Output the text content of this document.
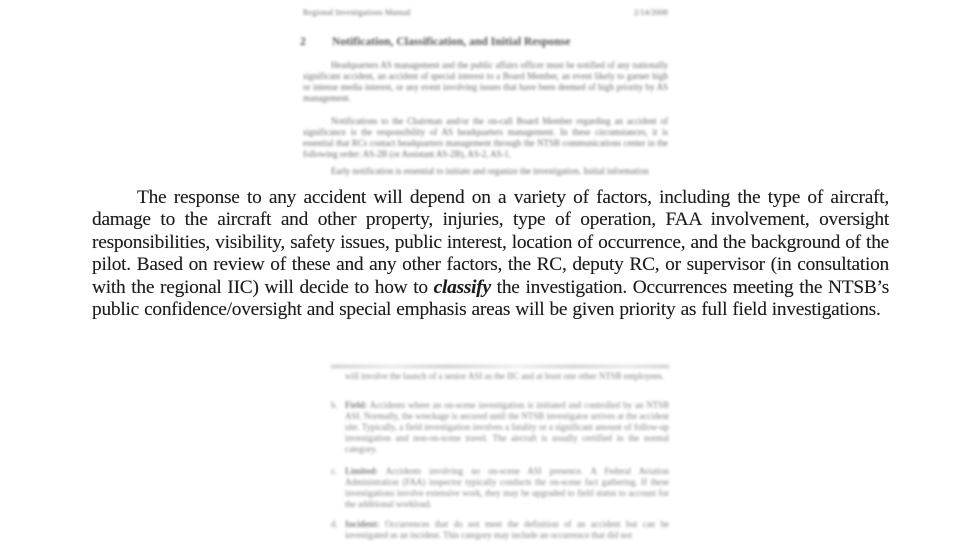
Regional Investigations Manual	2/14/2008
2 Notification, Classification, and Initial Response

Headquarters AS management and the public affairs officer must be notified of any nationally significant accident, an accident of special interest to a Board Member, an event likely to garner high or intense media interest, or any event involving issues that have been deemed of high priority by AS management.

Notifications to the Chairman and/or the on-call Board Member regarding an accident of significance is the responsibility of AS headquarters management. In these circumstances, it is essential that RCs contact headquarters management through the NTSB communications center in the following order: AS-2B (or Assistant AS-2B), AS-2, AS-1.

Early notification is essential to initiate and organize the investigation. Initial information

The response to any accident will depend on a variety of factors, including the type of aircraft, damage to the aircraft and other property, injuries, type of operation, FAA involvement, oversight responsibilities, visibility, safety issues, public interest, location of occurrence, and the background of the pilot. Based on review of these and any other factors, the RC, deputy RC, or supervisor (in consultation with the regional IIC) will decide to how to classify the investigation. Occurrences meeting the NTSB’s public confidence/oversight and special emphasis areas will be given priority as full field investigations.

will involve the launch of a senior ASI as the IIC and at least one other NTSB employees.

b. Field: Accidents where an on-scene investigation is initiated and controlled by an NTSB ASI. Normally, the wreckage is secured until the NTSB investigator arrives at the accident site. Typically, a field investigation involves a fatality or a significant amount of follow-up investigation and non-on-scene travel. The aircraft is usually certified in the normal category.
c. Limited: Accidents involving no on-scene ASI presence. A Federal Aviation Administration (FAA) inspector typically conducts the on-scene fact gathering. If these investigations involve extensive work, they may be upgraded to field status to account for the additional workload.
d. Incident: Occurrences that do not meet the definition of an accident but can be investigated as an incident. This category may include an occurrence that did not
